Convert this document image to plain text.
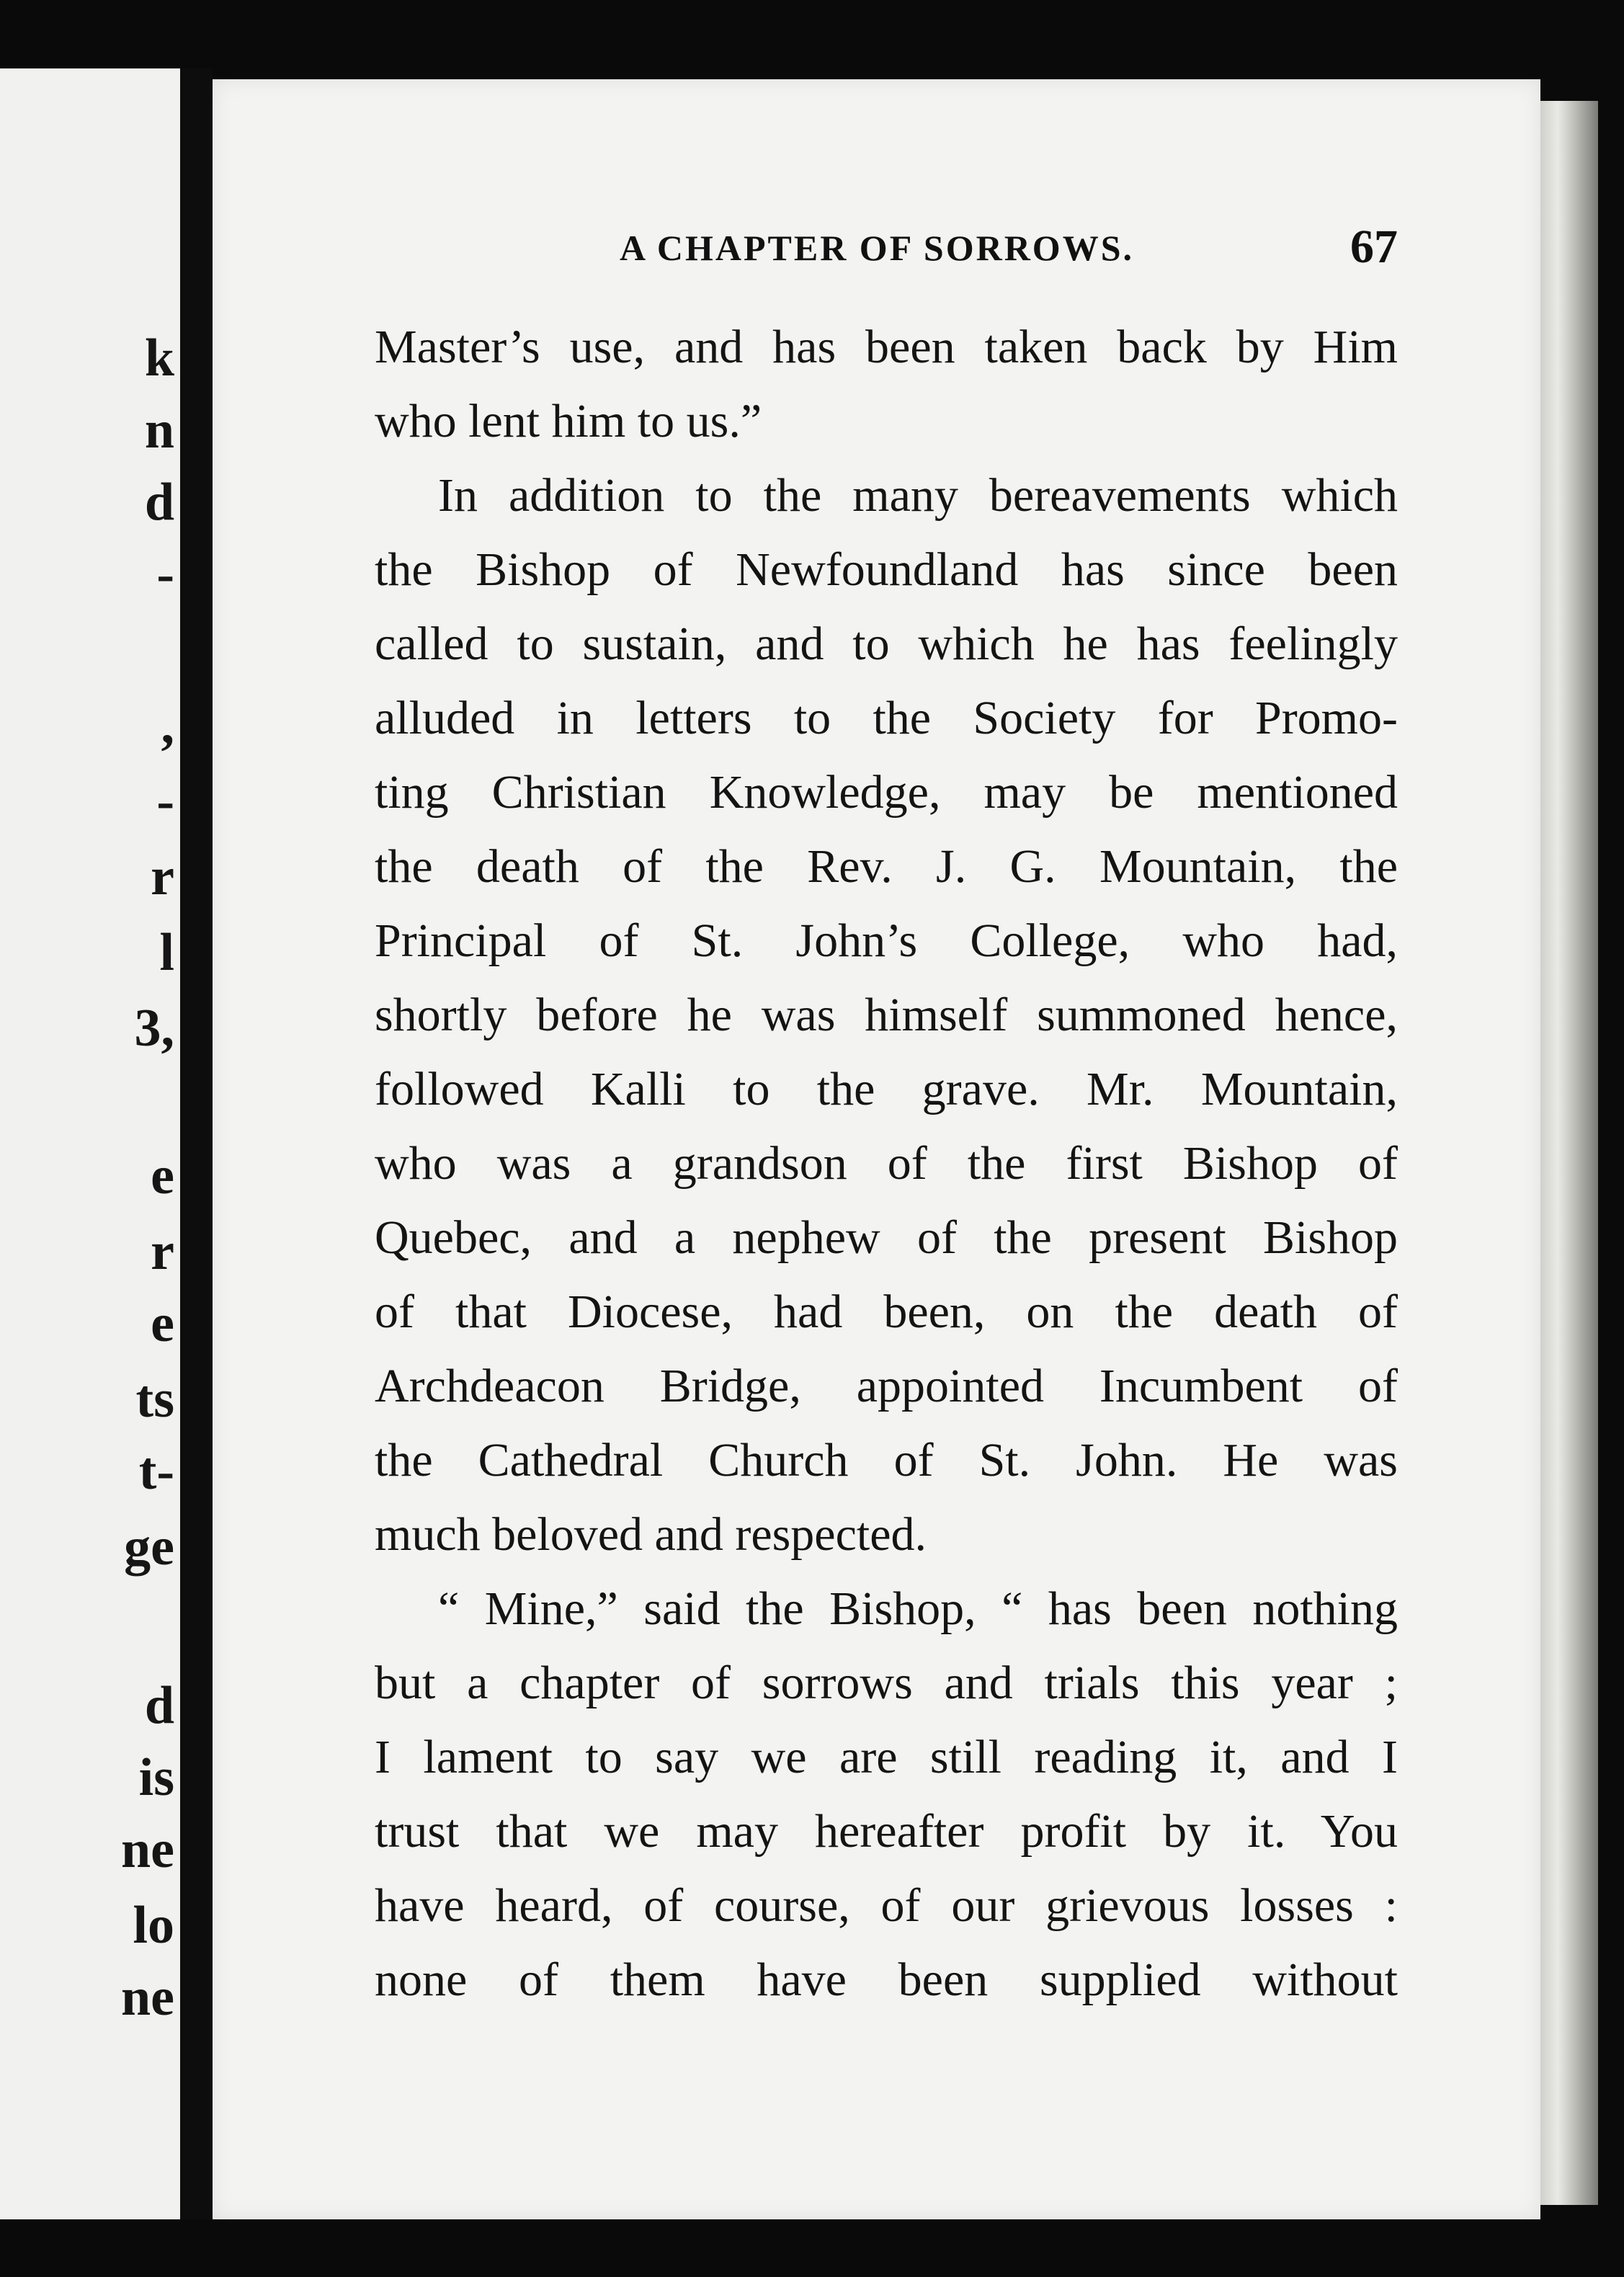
k
n
d
-
,
-
r
l
3,
e
r
e
ts
t-
ge
d
is
ne
lo
ne
A CHAPTER OF SORROWS.	67
Master’s use, and has been taken back by Him
who lent him to us.”
In addition to the many bereavements which
the Bishop of Newfoundland has since been
called to sustain, and to which he has feelingly
alluded in letters to the Society for Promo-
ting Christian Knowledge, may be mentioned
the death of the Rev. J. G. Mountain, the
Principal of St. John’s College, who had,
shortly before he was himself summoned hence,
followed Kalli to the grave. Mr. Mountain,
who was a grandson of the first Bishop of
Quebec, and a nephew of the present Bishop
of that Diocese, had been, on the death of
Archdeacon Bridge, appointed Incumbent of
the Cathedral Church of St. John. He was
much beloved and respected.
“ Mine,” said the Bishop, “ has been nothing
but a chapter of sorrows and trials this year ;
I lament to say we are still reading it, and I
trust that we may hereafter profit by it. You
have heard, of course, of our grievous losses :
none of them have been supplied without
